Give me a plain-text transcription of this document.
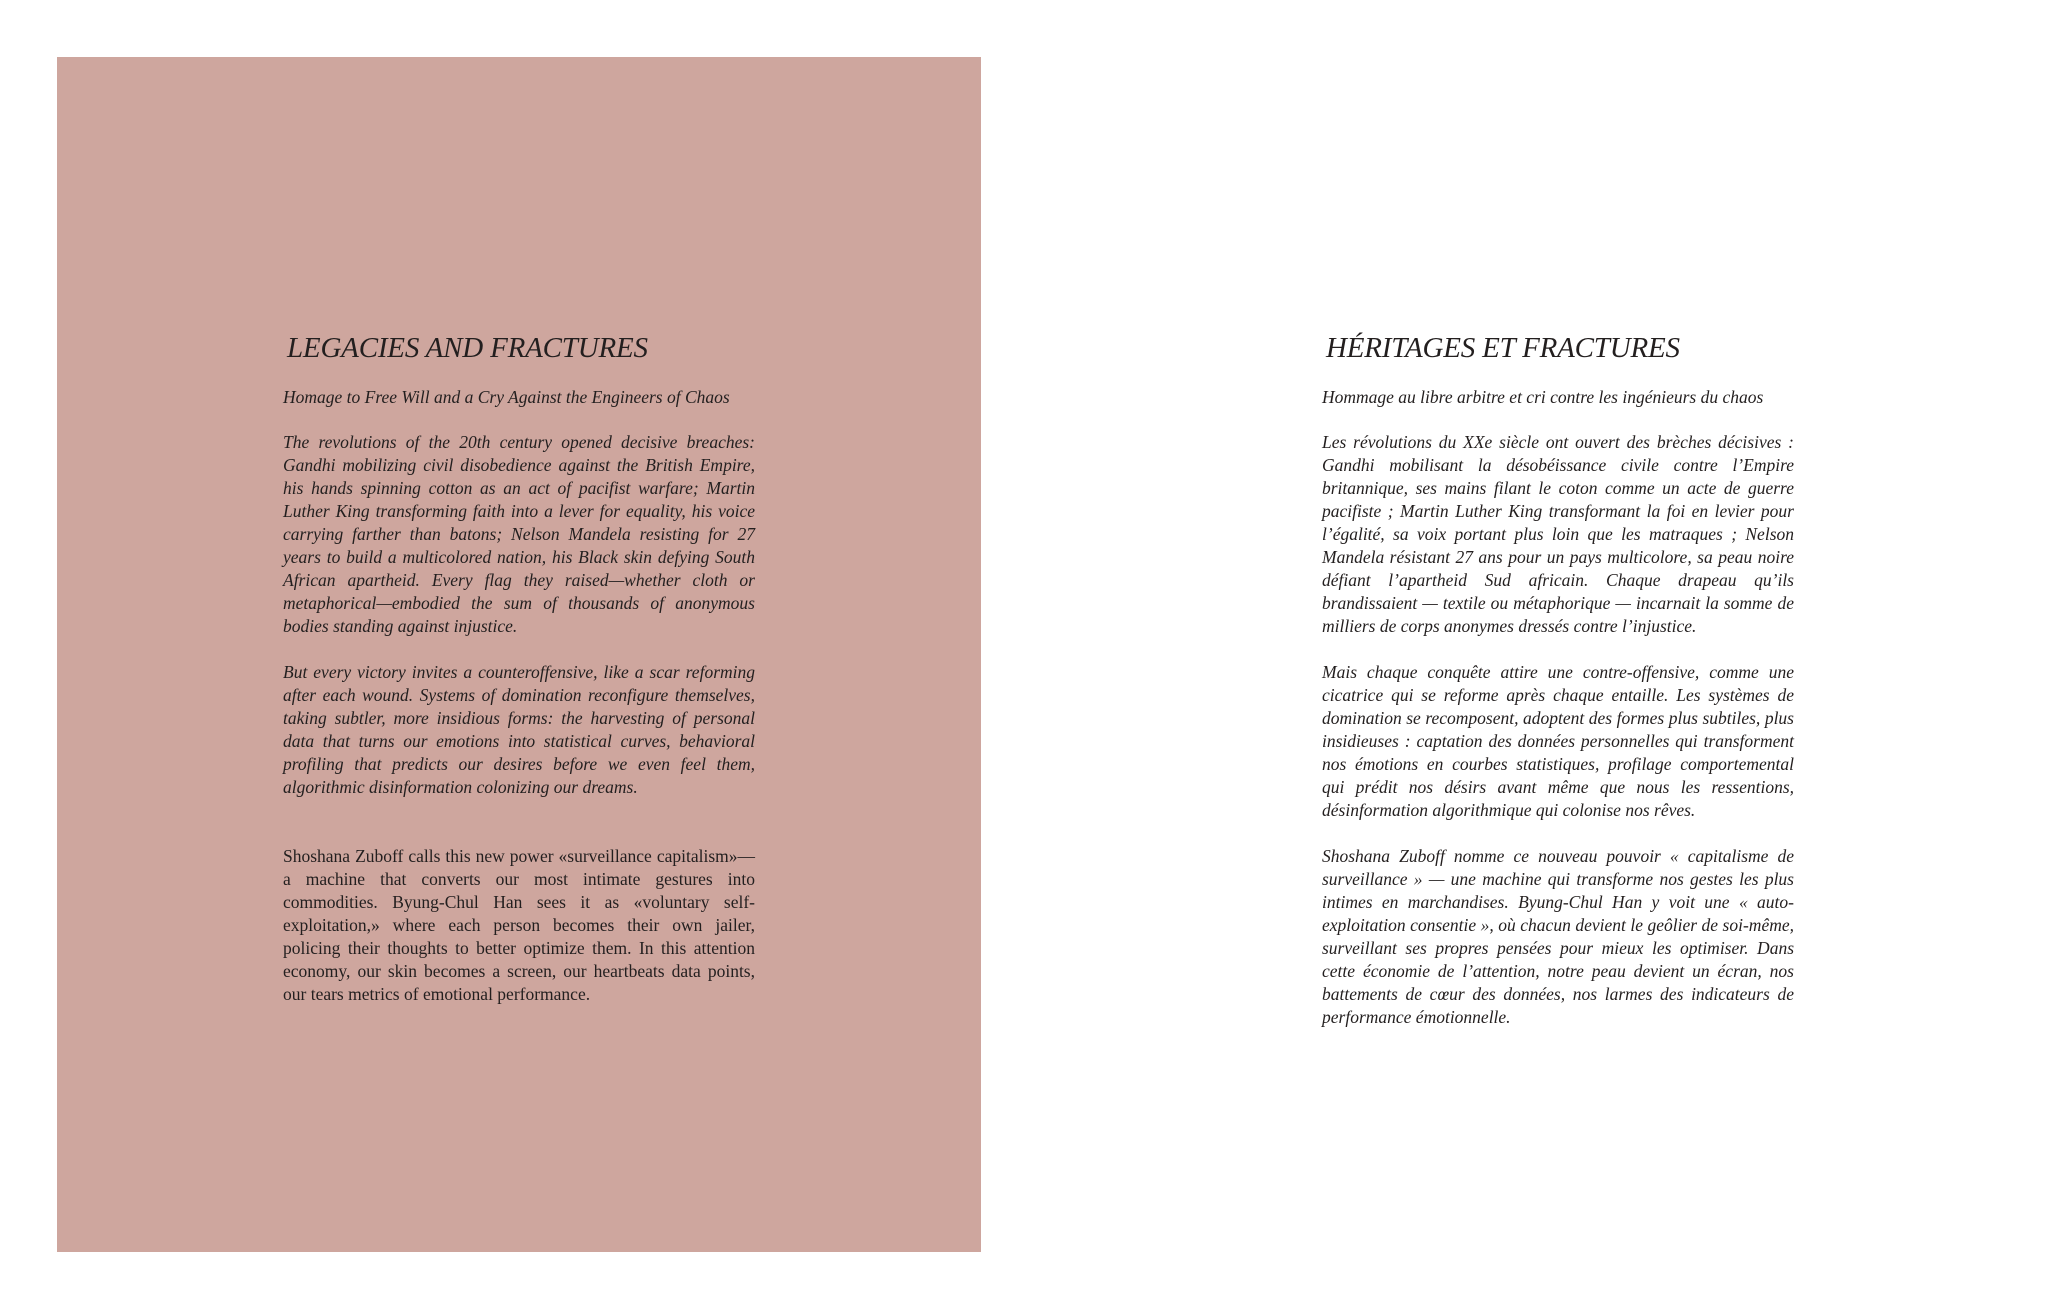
LEGACIES AND FRACTURES

Homage to Free Will and a Cry Against the Engineers of Chaos

The revolutions of the 20th century opened decisive breaches: Gandhi mobilizing civil disobedience against the British Empire, his hands spinning cotton as an act of pacifist warfare; Martin Luther King transforming faith into a lever for equality, his voice carrying farther than batons; Nelson Mandela resisting for 27 years to build a multicolored nation, his Black skin defying South African apartheid. Every flag they raised—whether cloth or metaphorical—embodied the sum of thousands of anonymous bodies standing against injustice.

But every victory invites a counteroffensive, like a scar reforming after each wound. Systems of domination reconfigure themselves, taking subtler, more insidious forms: the harvesting of personal data that turns our emotions into statistical curves, behavioral profiling that predicts our desires before we even feel them, algorithmic disinformation colonizing our dreams.

Shoshana Zuboff calls this new power «surveillance capitalism»—a machine that converts our most intimate gestures into commodities. Byung-Chul Han sees it as «voluntary self-exploitation,» where each person becomes their own jailer, policing their thoughts to better optimize them. In this attention economy, our skin becomes a screen, our heartbeats data points, our tears metrics of emotional performance.

HÉRITAGES ET FRACTURES

Hommage au libre arbitre et cri contre les ingénieurs du chaos

Les révolutions du XXe siècle ont ouvert des brèches décisives : Gandhi mobilisant la désobéissance civile contre l’Empire britannique, ses mains filant le coton comme un acte de guerre pacifiste ; Martin Luther King transformant la foi en levier pour l’égalité, sa voix portant plus loin que les matraques ; Nelson Mandela résistant 27 ans pour un pays multicolore, sa peau noire défiant l’apartheid Sud africain. Chaque drapeau qu’ils brandissaient — textile ou métaphorique — incarnait la somme de milliers de corps anonymes dressés contre l’injustice.

Mais chaque conquête attire une contre-offensive, comme une cicatrice qui se reforme après chaque entaille. Les systèmes de domination se recomposent, adoptent des formes plus subtiles, plus insidieuses : captation des données personnelles qui transforment nos émotions en courbes statistiques, profilage comportemental qui prédit nos désirs avant même que nous les ressentions, désinformation algorithmique qui colonise nos rêves.

Shoshana Zuboff nomme ce nouveau pouvoir « capitalisme de surveillance » — une machine qui transforme nos gestes les plus intimes en marchandises. Byung-Chul Han y voit une « auto-exploitation consentie », où chacun devient le geôlier de soi-même, surveillant ses propres pensées pour mieux les optimiser. Dans cette économie de l’attention, notre peau devient un écran, nos battements de cœur des données, nos larmes des indicateurs de performance émotionnelle.
